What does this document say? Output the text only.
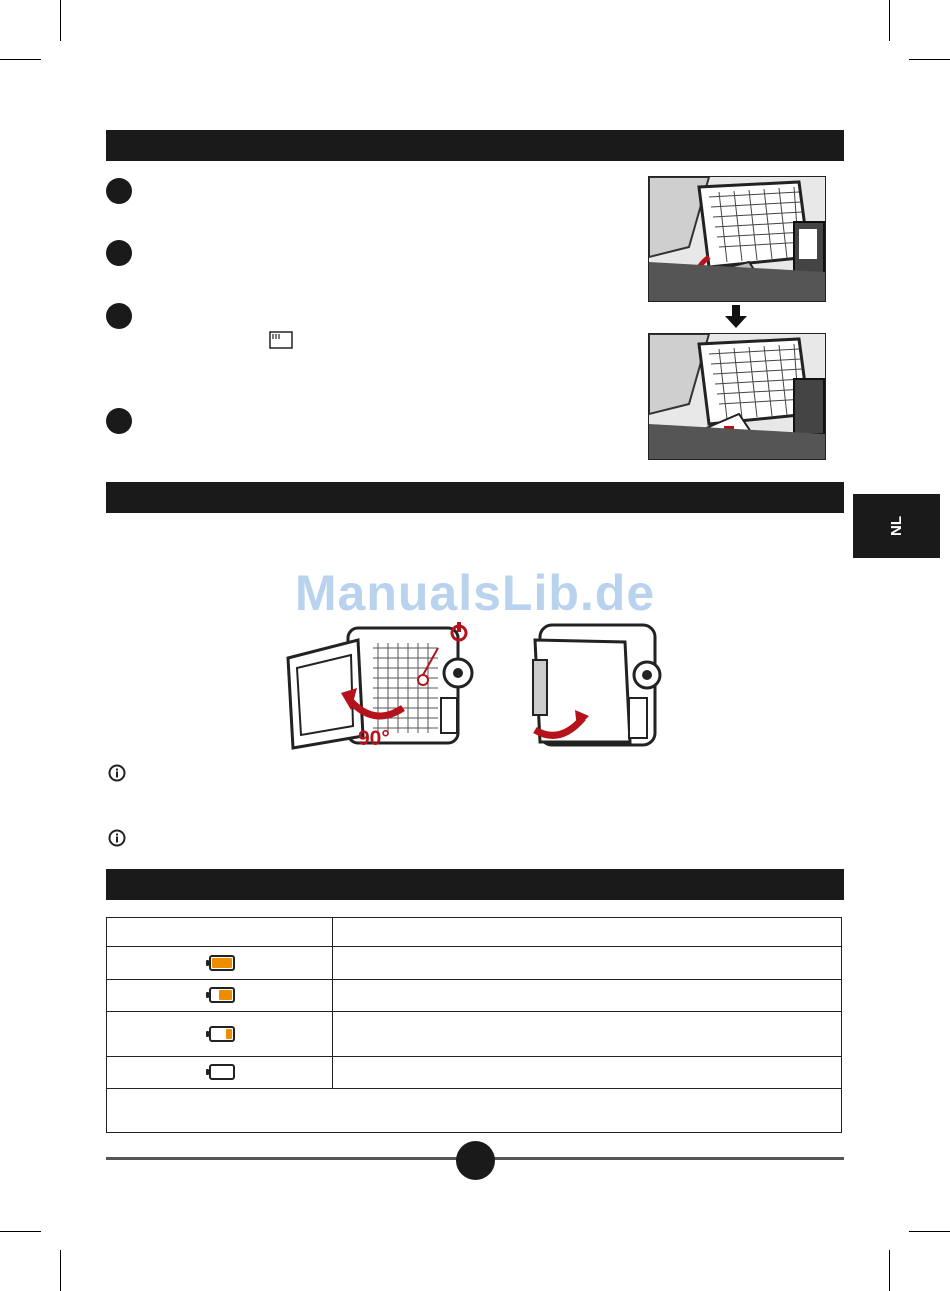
NL
ManualsLib.de
90°
